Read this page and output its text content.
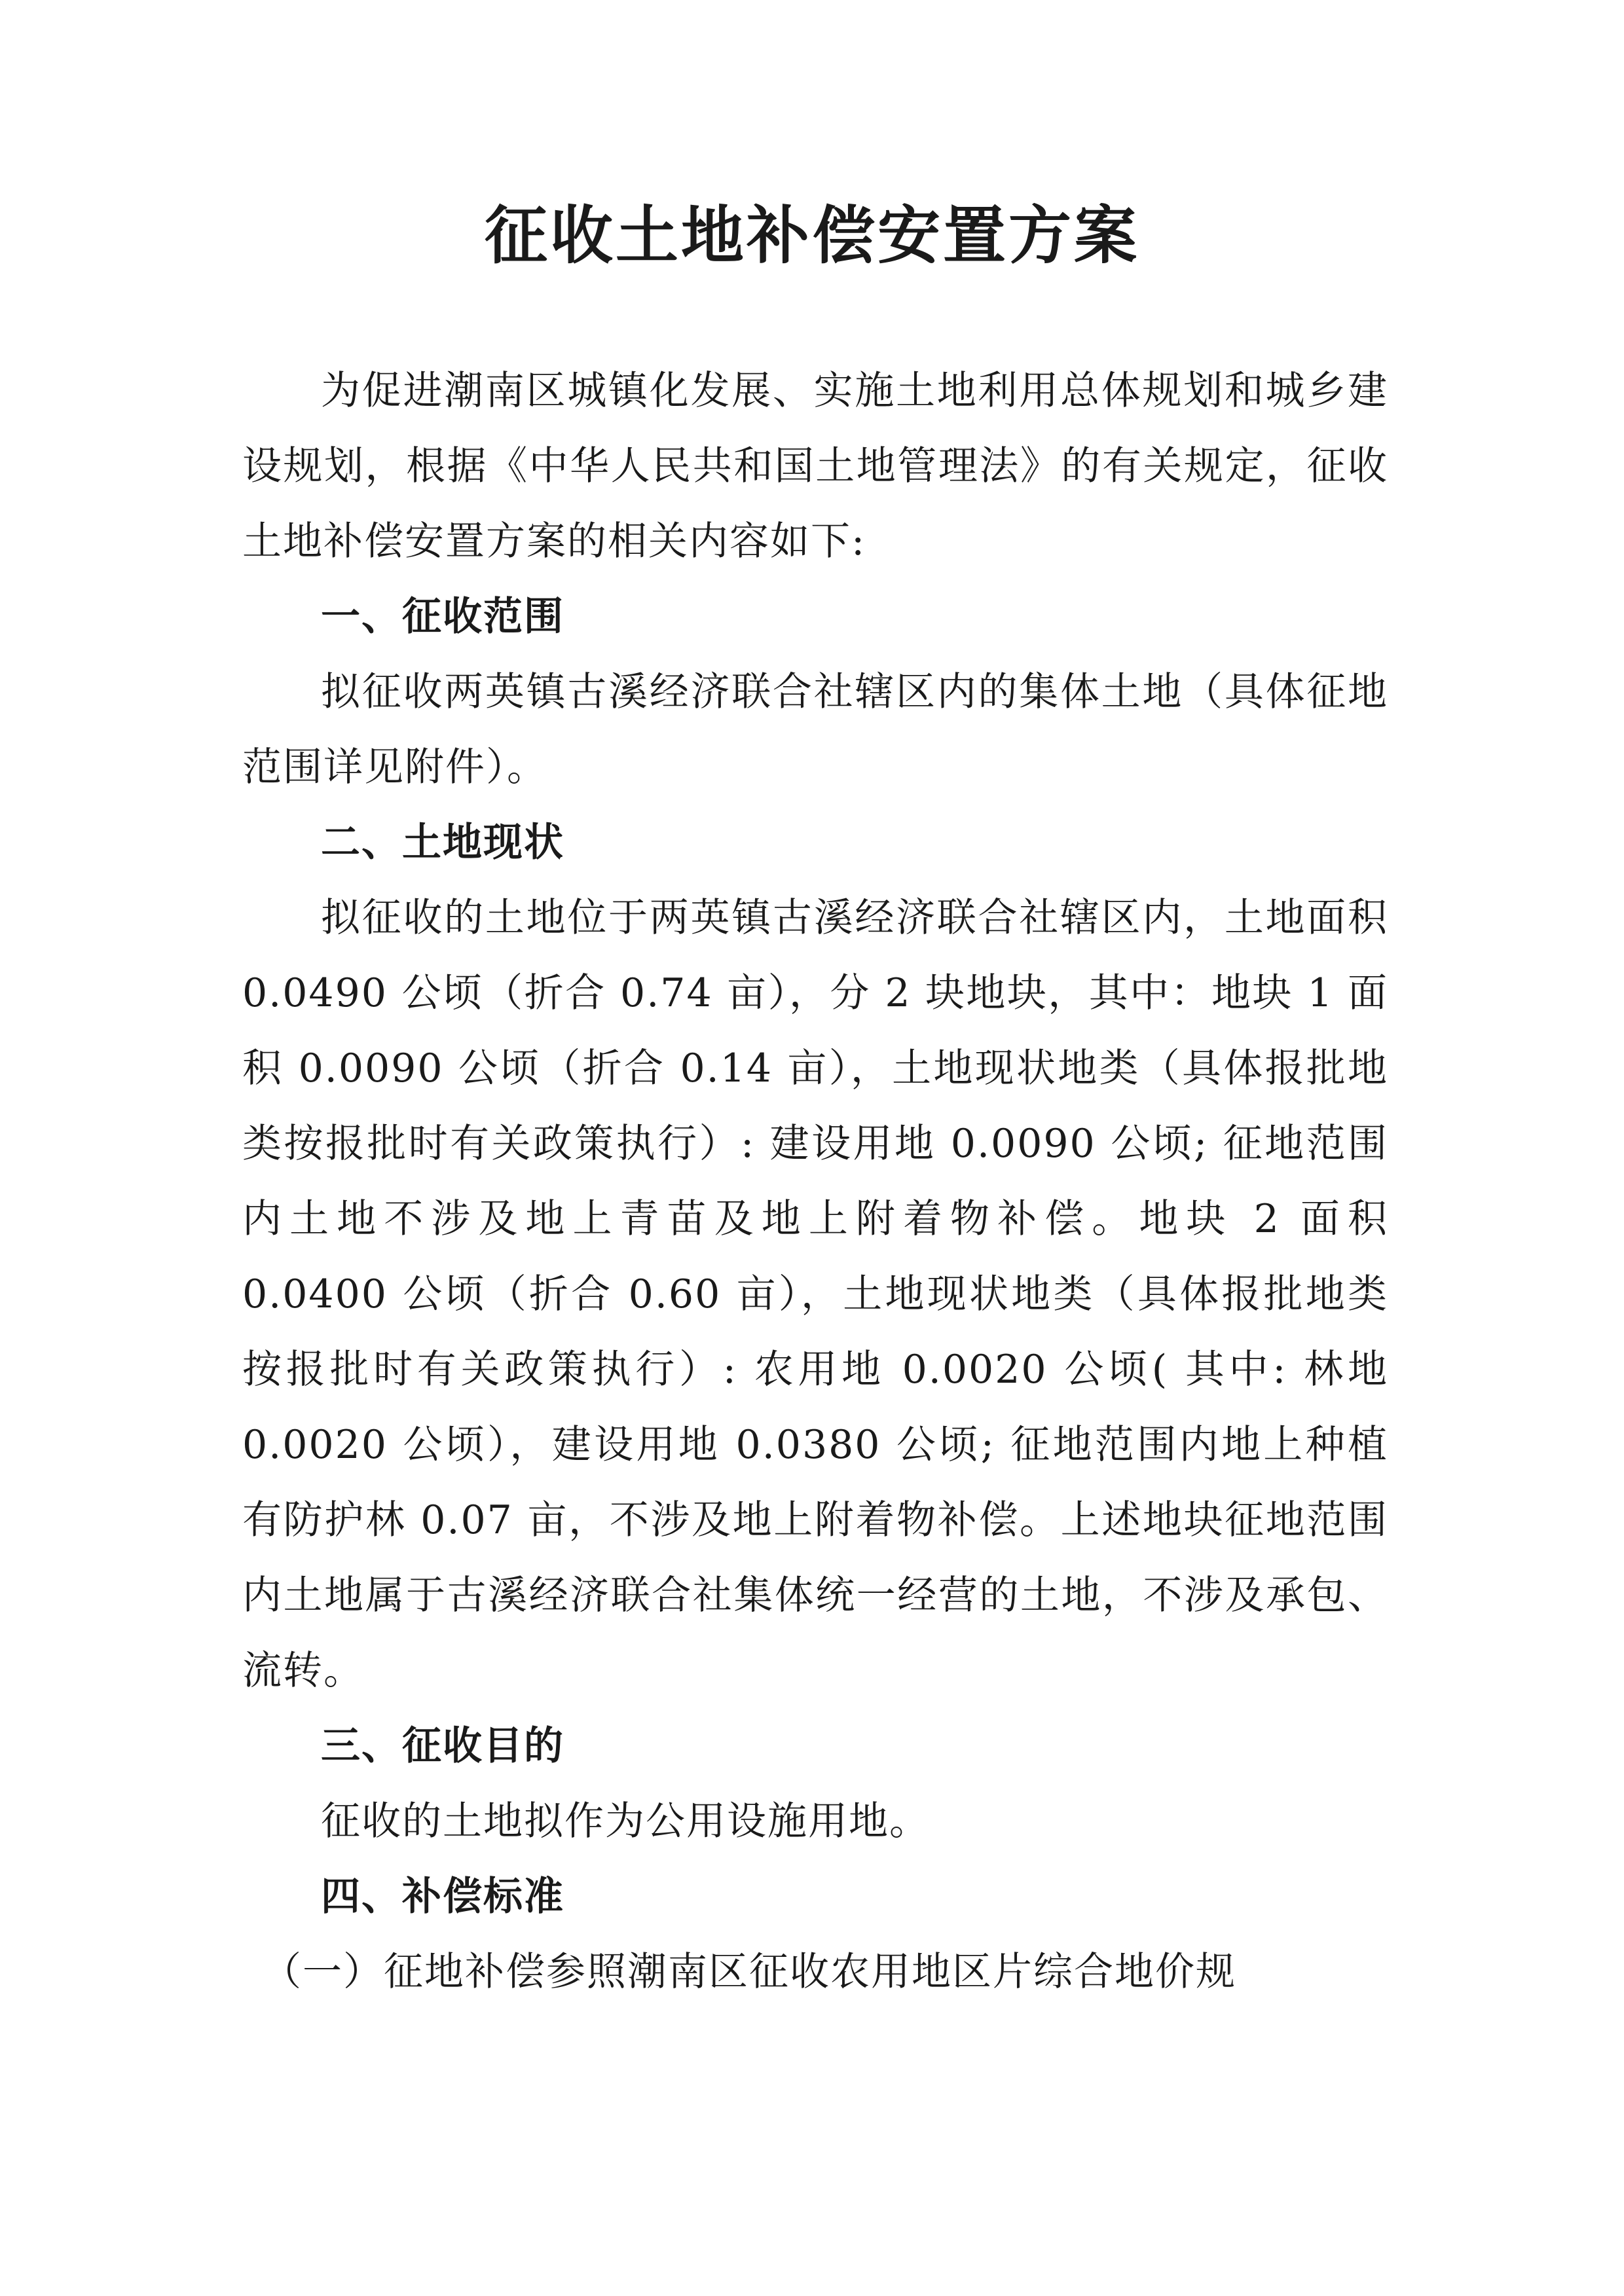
征收土地补偿安置方案

为促进潮南区城镇化发展、实施土地利用总体规划和城乡建设规划，根据《中华人民共和国土地管理法》的有关规定，征收土地补偿安置方案的相关内容如下:

一、征收范围

拟征收两英镇古溪经济联合社辖区内的集体土地（具体征地范围详见附件）。

二、土地现状

拟征收的土地位于两英镇古溪经济联合社辖区内，土地面积 0.0490 公顷（折合 0.74 亩），分 2 块地块，其中：地块 1 面积 0.0090 公顷（折合 0.14 亩），土地现状地类（具体报批地类按报批时有关政策执行）: 建设用地 0.0090 公顷; 征地范围内土地不涉及地上青苗及地上附着物补偿。地块 2 面积 0.0400 公顷（折合 0.60 亩），土地现状地类（具体报批地类按报批时有关政策执行）: 农用地 0.0020 公顷( 其中: 林地 0.0020 公顷），建设用地 0.0380 公顷; 征地范围内地上种植有防护林 0.07 亩，不涉及地上附着物补偿。上述地块征地范围内土地属于古溪经济联合社集体统一经营的土地，不涉及承包、流转。

三、征收目的

征收的土地拟作为公用设施用地。

四、补偿标准

（一）征地补偿参照潮南区征收农用地区片综合地价规
